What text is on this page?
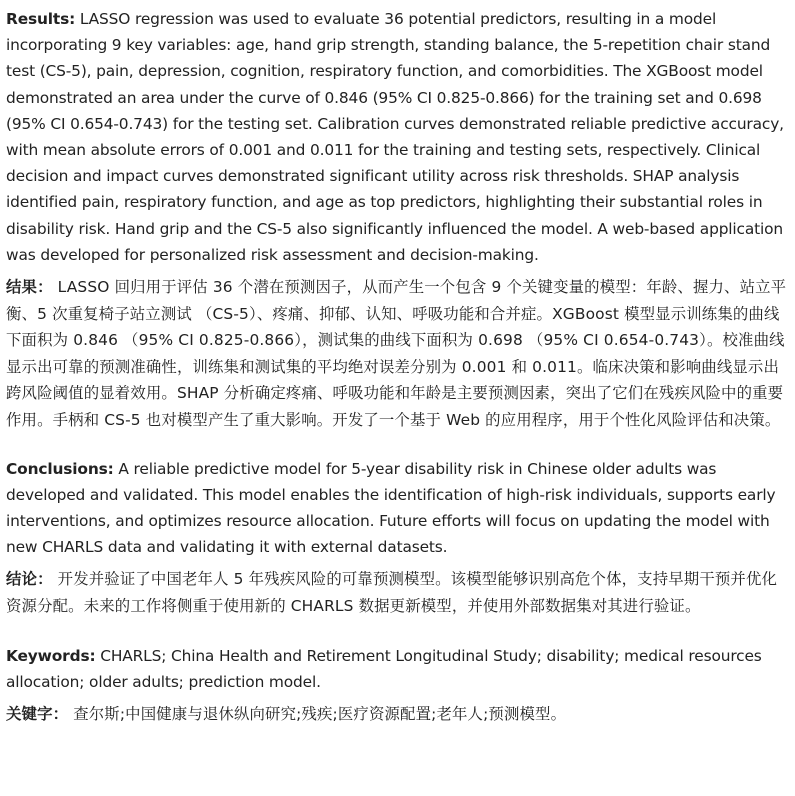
Results: LASSO regression was used to evaluate 36 potential predictors, resulting in a model incorporating 9 key variables: age, hand grip strength, standing balance, the 5-repetition chair stand test (CS-5), pain, depression, cognition, respiratory function, and comorbidities. The XGBoost model demonstrated an area under the curve of 0.846 (95% CI 0.825-0.866) for the training set and 0.698 (95% CI 0.654-0.743) for the testing set. Calibration curves demonstrated reliable predictive accuracy, with mean absolute errors of 0.001 and 0.011 for the training and testing sets, respectively. Clinical decision and impact curves demonstrated significant utility across risk thresholds. SHAP analysis identified pain, respiratory function, and age as top predictors, highlighting their substantial roles in disability risk. Hand grip and the CS-5 also significantly influenced the model. A web-based application was developed for personalized risk assessment and decision-making.

结果： LASSO 回归用于评估 36 个潜在预测因子，从而产生一个包含 9 个关键变量的模型：年龄、握力、站立平衡、5 次重复椅子站立测试 （CS-5）、疼痛、抑郁、认知、呼吸功能和合并症。XGBoost 模型显示训练集的曲线下面积为 0.846 （95% CI 0.825-0.866），测试集的曲线下面积为 0.698 （95% CI 0.654-0.743）。校准曲线显示出可靠的预测准确性，训练集和测试集的平均绝对误差分别为 0.001 和 0.011。临床决策和影响曲线显示出跨风险阈值的显着效用。SHAP 分析确定疼痛、呼吸功能和年龄是主要预测因素，突出了它们在残疾风险中的重要作用。手柄和 CS-5 也对模型产生了重大影响。开发了一个基于 Web 的应用程序，用于个性化风险评估和决策。

Conclusions: A reliable predictive model for 5-year disability risk in Chinese older adults was developed and validated. This model enables the identification of high-risk individuals, supports early interventions, and optimizes resource allocation. Future efforts will focus on updating the model with new CHARLS data and validating it with external datasets.

结论： 开发并验证了中国老年人 5 年残疾风险的可靠预测模型。该模型能够识别高危个体，支持早期干预并优化资源分配。未来的工作将侧重于使用新的 CHARLS 数据更新模型，并使用外部数据集对其进行验证。

Keywords: CHARLS; China Health and Retirement Longitudinal Study; disability; medical resources allocation; older adults; prediction model.

关键字： 查尔斯;中国健康与退休纵向研究;残疾;医疗资源配置;老年人;预测模型。
